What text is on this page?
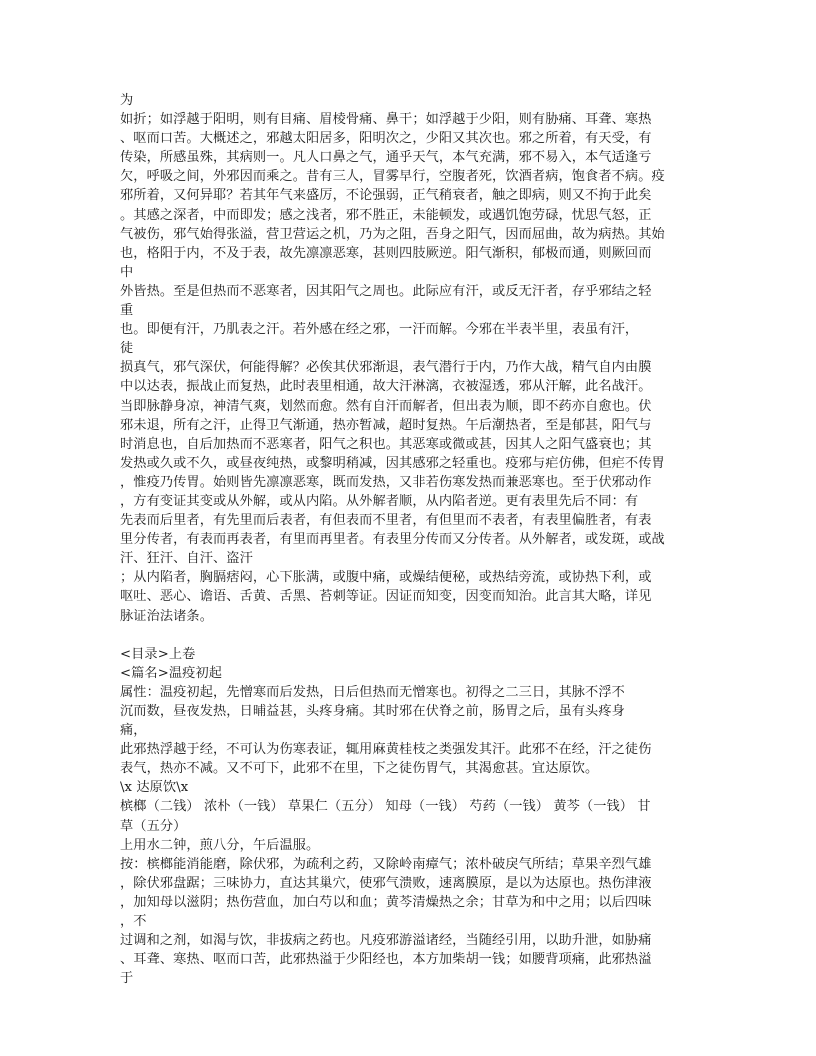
为
如折；如浮越于阳明，则有目痛、眉棱骨痛、鼻干；如浮越于少阳，则有胁痛、耳聋、寒热
、呕而口苦。大概述之，邪越太阳居多，阳明次之，少阳又其次也。邪之所着，有天受，有
传染，所感虽殊，其病则一。凡人口鼻之气，通乎天气，本气充满，邪不易入，本气适逢亏
欠，呼吸之间，外邪因而乘之。昔有三人，冒雾早行，空腹者死，饮酒者病，饱食者不病。疫
邪所着，又何异耶？若其年气来盛厉，不论强弱，正气稍衰者，触之即病，则又不拘于此矣
。其感之深者，中而即发；感之浅者，邪不胜正，未能顿发，或遇饥饱劳碌，忧思气怒，正
气被伤，邪气始得张溢，营卫营运之机，乃为之阻，吾身之阳气，因而屈曲，故为病热。其始
也，格阳于内，不及于表，故先凛凛恶寒，甚则四肢厥逆。阳气渐积，郁极而通，则厥回而
中
外皆热。至是但热而不恶寒者，因其阳气之周也。此际应有汗，或反无汗者，存乎邪结之轻
重
也。即便有汗，乃肌表之汗。若外感在经之邪，一汗而解。今邪在半表半里，表虽有汗，
徒
损真气，邪气深伏，何能得解？必俟其伏邪渐退，表气潜行于内，乃作大战，精气自内由膜
中以达表，振战止而复热，此时表里相通，故大汗淋漓，衣被湿透，邪从汗解，此名战汗。
当即脉静身凉，神清气爽，划然而愈。然有自汗而解者，但出表为顺，即不药亦自愈也。伏
邪未退，所有之汗，止得卫气渐通，热亦暂减，超时复热。午后潮热者，至是郁甚，阳气与
时消息也，自后加热而不恶寒者，阳气之积也。其恶寒或微或甚，因其人之阳气盛衰也；其
发热或久或不久，或昼夜纯热，或黎明稍减，因其感邪之轻重也。疫邪与疟仿佛，但疟不传胃
，惟疫乃传胃。始则皆先凛凛恶寒，既而发热，又非若伤寒发热而兼恶寒也。至于伏邪动作
，方有变证其变或从外解，或从内陷。从外解者顺，从内陷者逆。更有表里先后不同：有
先表而后里者，有先里而后表者，有但表而不里者，有但里而不表者，有表里偏胜者，有表
里分传者，有表而再表者，有里而再里者。有表里分传而又分传者。从外解者，或发斑，或战
汗、狂汗、自汗、盗汗
；从内陷者，胸膈痞闷，心下胀满，或腹中痛，或燥结便秘，或热结旁流，或协热下利，或
呕吐、恶心、谵语、舌黄、舌黑、苔刺等证。因证而知变，因变而知治。此言其大略，详见
脉证治法诸条。
<目录>上卷
<篇名>温疫初起
属性：温疫初起，先憎寒而后发热，日后但热而无憎寒也。初得之二三日，其脉不浮不
沉而数，昼夜发热，日晡益甚，头疼身痛。其时邪在伏脊之前，肠胃之后，虽有头疼身
痛，
此邪热浮越于经，不可认为伤寒表证，辄用麻黄桂枝之类强发其汗。此邪不在经，汗之徒伤
表气，热亦不减。又不可下，此邪不在里，下之徒伤胃气，其渴愈甚。宜达原饮。
\x 达原饮\x
槟榔（二钱） 浓朴（一钱） 草果仁（五分） 知母（一钱） 芍药（一钱） 黄芩（一钱） 甘
草（五分）
上用水二钟，煎八分，午后温服。
按：槟榔能消能磨，除伏邪，为疏利之药，又除岭南瘴气；浓朴破戾气所结；草果辛烈气雄
，除伏邪盘踞；三味协力，直达其巢穴，使邪气溃败，速离膜原，是以为达原也。热伤津液
，加知母以滋阴；热伤营血，加白芍以和血；黄芩清燥热之余；甘草为和中之用；以后四味
，不
过调和之剂，如渴与饮，非拔病之药也。凡疫邪游溢诸经，当随经引用，以助升泄，如胁痛
、耳聋、寒热、呕而口苦，此邪热溢于少阳经也，本方加柴胡一钱；如腰背项痛，此邪热溢
于
